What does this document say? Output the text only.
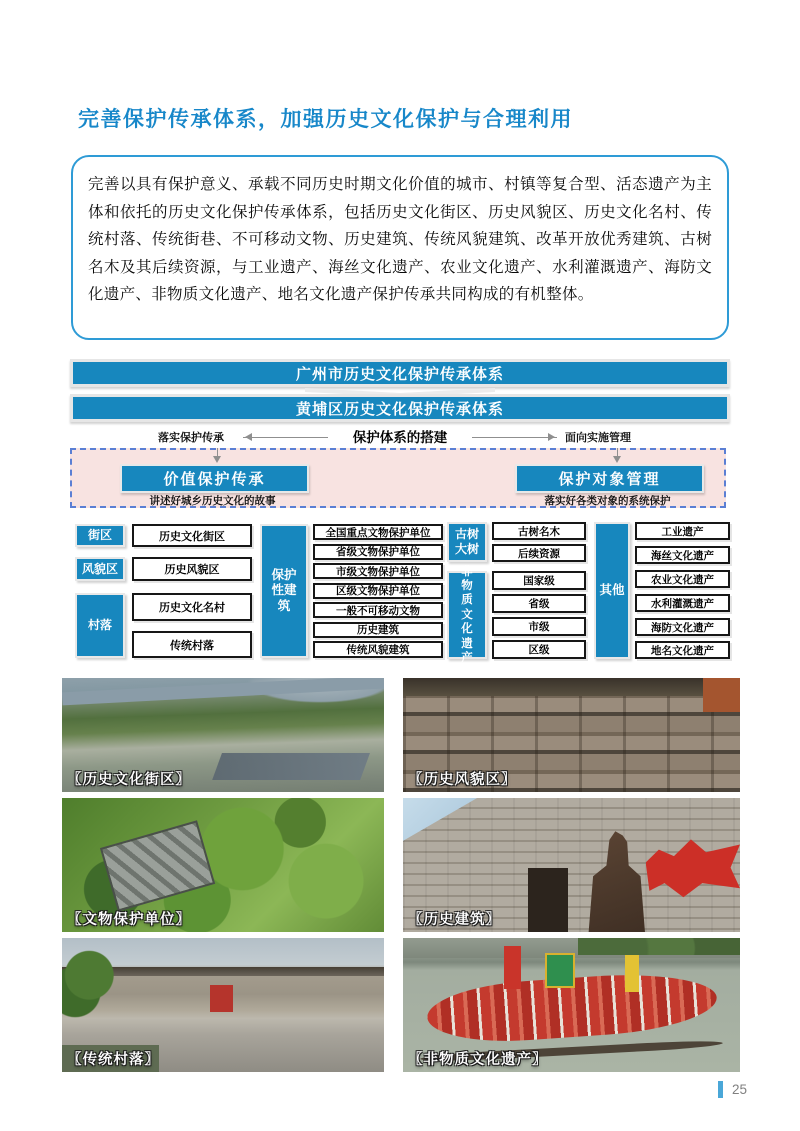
完善保护传承体系，加强历史文化保护与合理利用
完善以具有保护意义、承载不同历史时期文化价值的城市、村镇等复合型、活态遗产为主体和依托的历史文化保护传承体系，包括历史文化街区、历史风貌区、历史文化名村、传统村落、传统街巷、不可移动文物、历史建筑、传统风貌建筑、改革开放优秀建筑、古树名木及其后续资源，与工业遗产、海丝文化遗产、农业文化遗产、水利灌溉遗产、海防文化遗产、非物质文化遗产、地名文化遗产保护传承共同构成的有机整体。
广州市历史文化保护传承体系
黄埔区历史文化保护传承体系
落实保护传承	保护体系的搭建	面向实施管理
价值保护传承	保护对象管理
讲述好城乡历史文化的故事	落实好各类对象的系统保护
街区
风貌区
村落
历史文化街区
历史风貌区
历史文化名村
传统村落
保护性建筑
全国重点文物保护单位
省级文物保护单位
市级文物保护单位
区级文物保护单位
一般不可移动文物
历史建筑
传统风貌建筑
古树大树
古树名木
后续资源
非物质文化遗产
国家级
省级
市级
区级
其他
工业遗产
海丝文化遗产
农业文化遗产
水利灌溉遗产
海防文化遗产
地名文化遗产
〖历史文化街区〗	〖历史风貌区〗
〖文物保护单位〗	〖历史建筑〗
〖传统村落〗	〖非物质文化遗产〗
25
